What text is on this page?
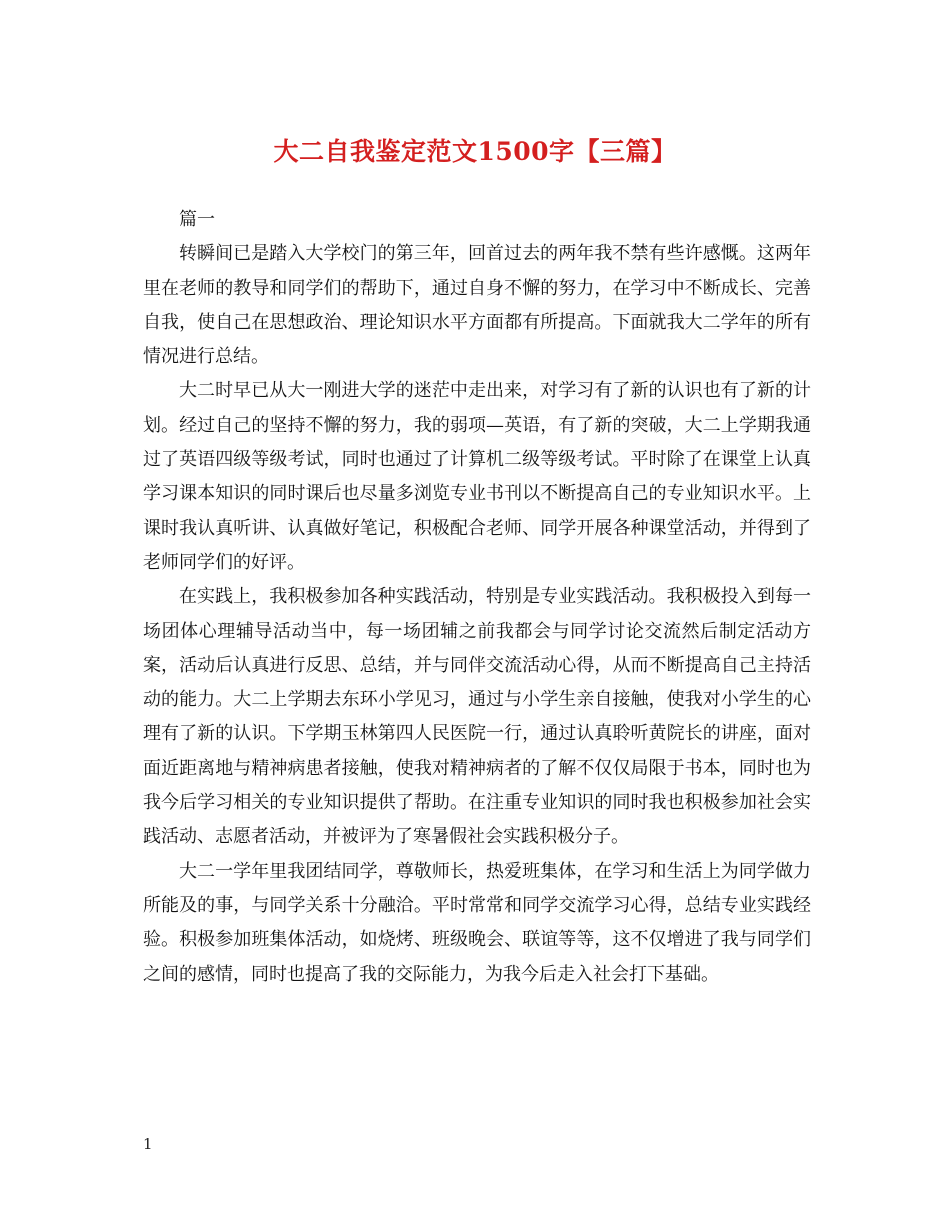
大二自我鉴定范文1500字【三篇】

篇一

转瞬间已是踏入大学校门的第三年，回首过去的两年我不禁有些许感慨。这两年里在老师的教导和同学们的帮助下，通过自身不懈的努力，在学习中不断成长、完善自我，使自己在思想政治、理论知识水平方面都有所提高。下面就我大二学年的所有情况进行总结。

大二时早已从大一刚进大学的迷茫中走出来，对学习有了新的认识也有了新的计划。经过自己的坚持不懈的努力，我的弱项—英语，有了新的突破，大二上学期我通过了英语四级等级考试，同时也通过了计算机二级等级考试。平时除了在课堂上认真学习课本知识的同时课后也尽量多浏览专业书刊以不断提高自己的专业知识水平。上课时我认真听讲、认真做好笔记，积极配合老师、同学开展各种课堂活动，并得到了老师同学们的好评。

在实践上，我积极参加各种实践活动，特别是专业实践活动。我积极投入到每一场团体心理辅导活动当中，每一场团辅之前我都会与同学讨论交流然后制定活动方案，活动后认真进行反思、总结，并与同伴交流活动心得，从而不断提高自己主持活动的能力。大二上学期去东环小学见习，通过与小学生亲自接触，使我对小学生的心理有了新的认识。下学期玉林第四人民医院一行，通过认真聆听黄院长的讲座，面对面近距离地与精神病患者接触，使我对精神病者的了解不仅仅局限于书本，同时也为我今后学习相关的专业知识提供了帮助。在注重专业知识的同时我也积极参加社会实践活动、志愿者活动，并被评为了寒暑假社会实践积极分子。

大二一学年里我团结同学，尊敬师长，热爱班集体，在学习和生活上为同学做力所能及的事，与同学关系十分融洽。平时常常和同学交流学习心得，总结专业实践经验。积极参加班集体活动，如烧烤、班级晚会、联谊等等，这不仅增进了我与同学们之间的感情，同时也提高了我的交际能力，为我今后走入社会打下基础。

1
